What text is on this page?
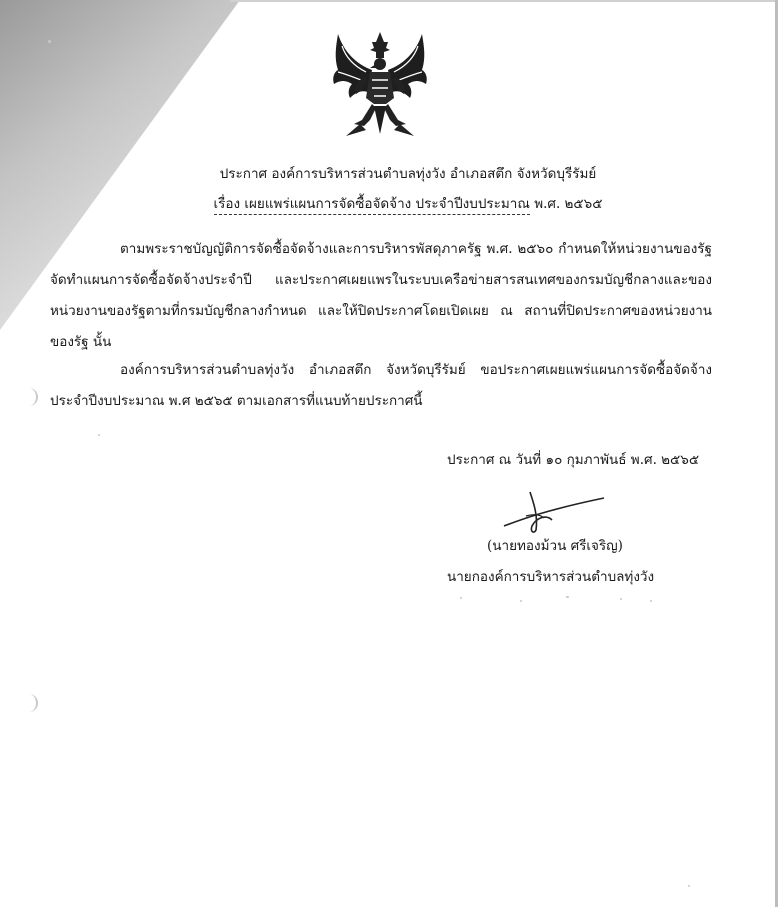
ประกาศ องค์การบริหารส่วนตำบลทุ่งวัง อำเภอสตึก จังหวัดบุรีรัมย์
เรื่อง เผยแพร่แผนการจัดซื้อจัดจ้าง ประจำปีงบประมาณ พ.ศ. ๒๕๖๕

ตามพระราชบัญญัติการจัดซื้อจัดจ้างและการบริหารพัสดุภาครัฐ พ.ศ. ๒๕๖๐ กำหนดให้หน่วยงานของรัฐจัดทำแผนการจัดซื้อจัดจ้างประจำปี และประกาศเผยแพรในระบบเครือข่ายสารสนเทศของกรมบัญชีกลางและของหน่วยงานของรัฐตามที่กรมบัญชีกลางกำหนด และให้ปิดประกาศโดยเปิดเผย ณ สถานที่ปิดประกาศของหน่วยงานของรัฐ นั้น

องค์การบริหารส่วนตำบลทุ่งวัง อำเภอสตึก จังหวัดบุรีรัมย์ ขอประกาศเผยแพร่แผนการจัดซื้อจัดจ้างประจำปีงบประมาณ พ.ศ ๒๕๖๕ ตามเอกสารที่แนบท้ายประกาศนี้

ประกาศ ณ วันที่ ๑๐ กุมภาพันธ์ พ.ศ. ๒๕๖๕
(นายทองม้วน ศรีเจริญ)
นายกองค์การบริหารส่วนตำบลทุ่งวัง
